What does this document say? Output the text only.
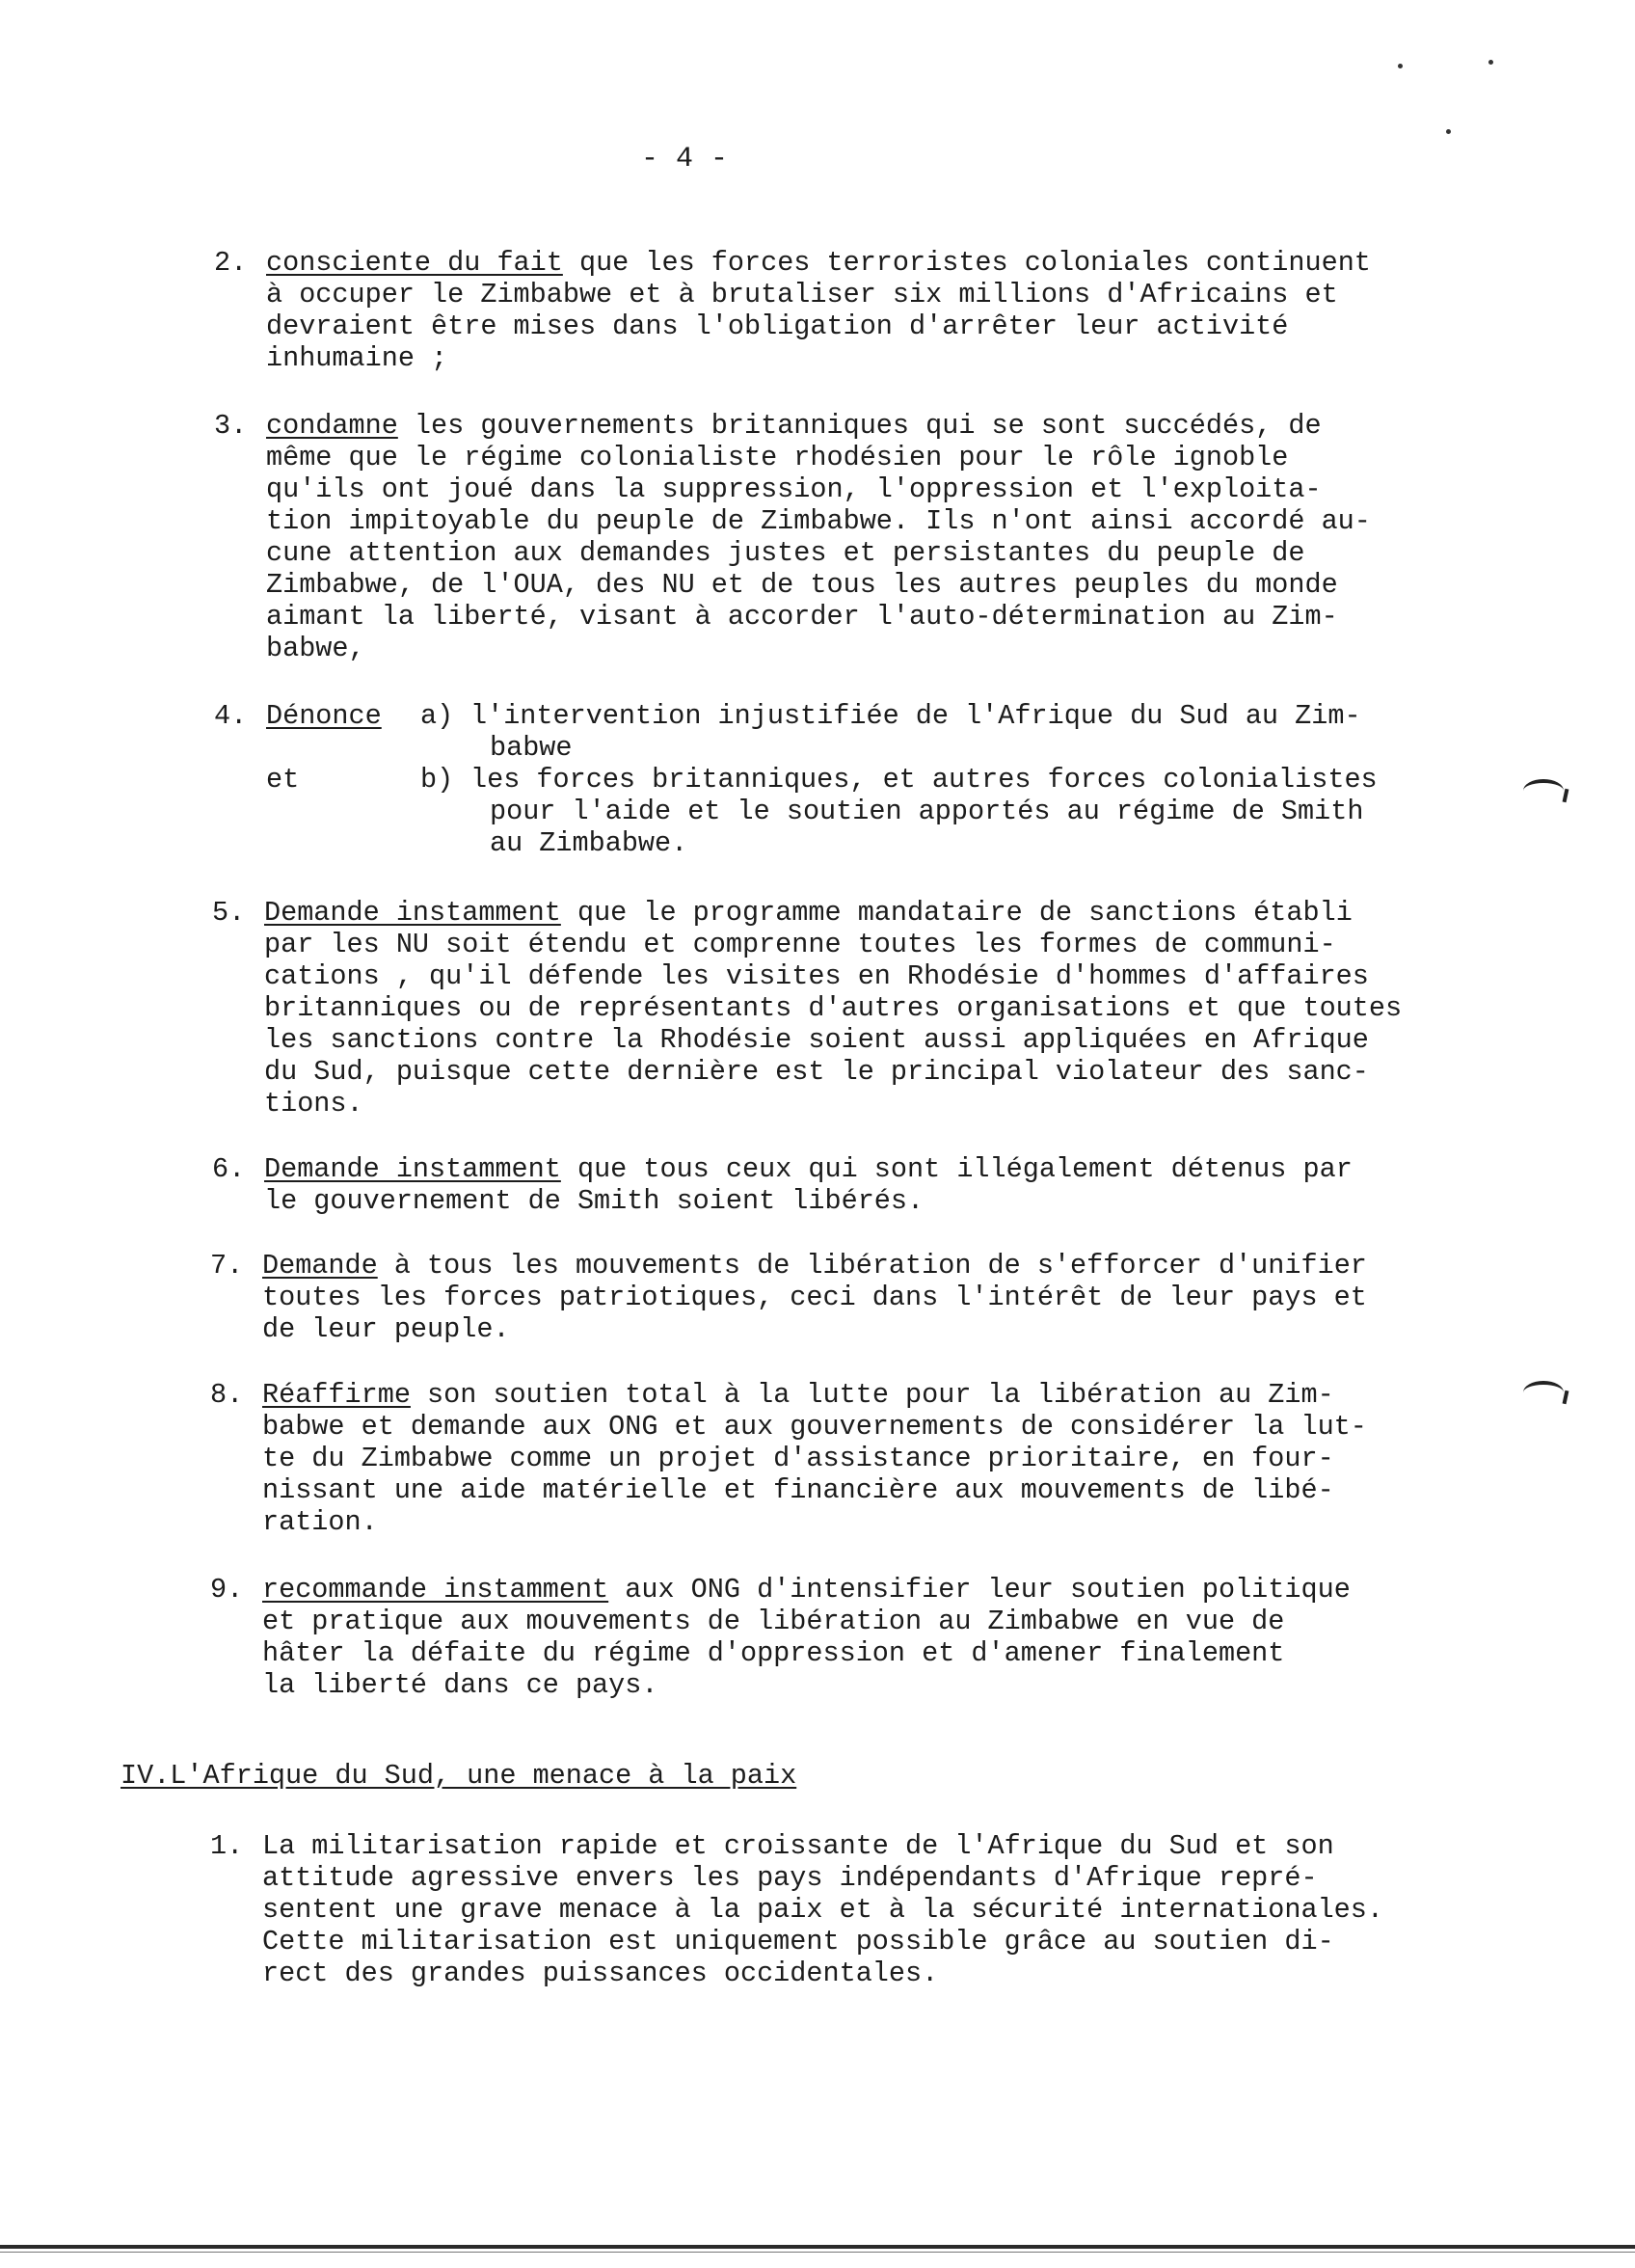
- 4 -
2. consciente du fait que les forces terroristes coloniales continuent
à occuper le Zimbabwe et à brutaliser six millions d'Africains et
devraient être mises dans l'obligation d'arrêter leur activité
inhumaine ;
3. condamne les gouvernements britanniques qui se sont succédés, de
même que le régime colonialiste rhodésien pour le rôle ignoble
qu'ils ont joué dans la suppression, l'oppression et l'exploita-
tion impitoyable du peuple de Zimbabwe. Ils n'ont ainsi accordé au-
cune attention aux demandes justes et persistantes du peuple de
Zimbabwe, de l'OUA, des NU et de tous les autres peuples du monde
aimant la liberté, visant à accorder l'auto-détermination au Zim-
babwe,
4. Dénonce a) l'intervention injustifiée de l'Afrique du Sud au Zim-
babwe
et	b) les forces britanniques, et autres forces colonialistes
pour l'aide et le soutien apportés au régime de Smith
au Zimbabwe.
5. Demande instamment que le programme mandataire de sanctions établi
par les NU soit étendu et comprenne toutes les formes de communi-
cations , qu'il défende les visites en Rhodésie d'hommes d'affaires
britanniques ou de représentants d'autres organisations et que toutes
les sanctions contre la Rhodésie soient aussi appliquées en Afrique
du Sud, puisque cette dernière est le principal violateur des sanc-
tions.
6. Demande instamment que tous ceux qui sont illégalement détenus par
le gouvernement de Smith soient libérés.
7. Demande à tous les mouvements de libération de s'efforcer d'unifier
toutes les forces patriotiques, ceci dans l'intérêt de leur pays et
de leur peuple.
8. Réaffirme son soutien total à la lutte pour la libération au Zim-
babwe et demande aux ONG et aux gouvernements de considérer la lut-
te du Zimbabwe comme un projet d'assistance prioritaire, en four-
nissant une aide matérielle et financière aux mouvements de libé-
ration.
9. recommande instamment aux ONG d'intensifier leur soutien politique
et pratique aux mouvements de libération au Zimbabwe en vue de
hâter la défaite du régime d'oppression et d'amener finalement
la liberté dans ce pays.
IV.L'Afrique du Sud, une menace à la paix
1. La militarisation rapide et croissante de l'Afrique du Sud et son
attitude agressive envers les pays indépendants d'Afrique repré-
sentent une grave menace à la paix et à la sécurité internationales.
Cette militarisation est uniquement possible grâce au soutien di-
rect des grandes puissances occidentales.
